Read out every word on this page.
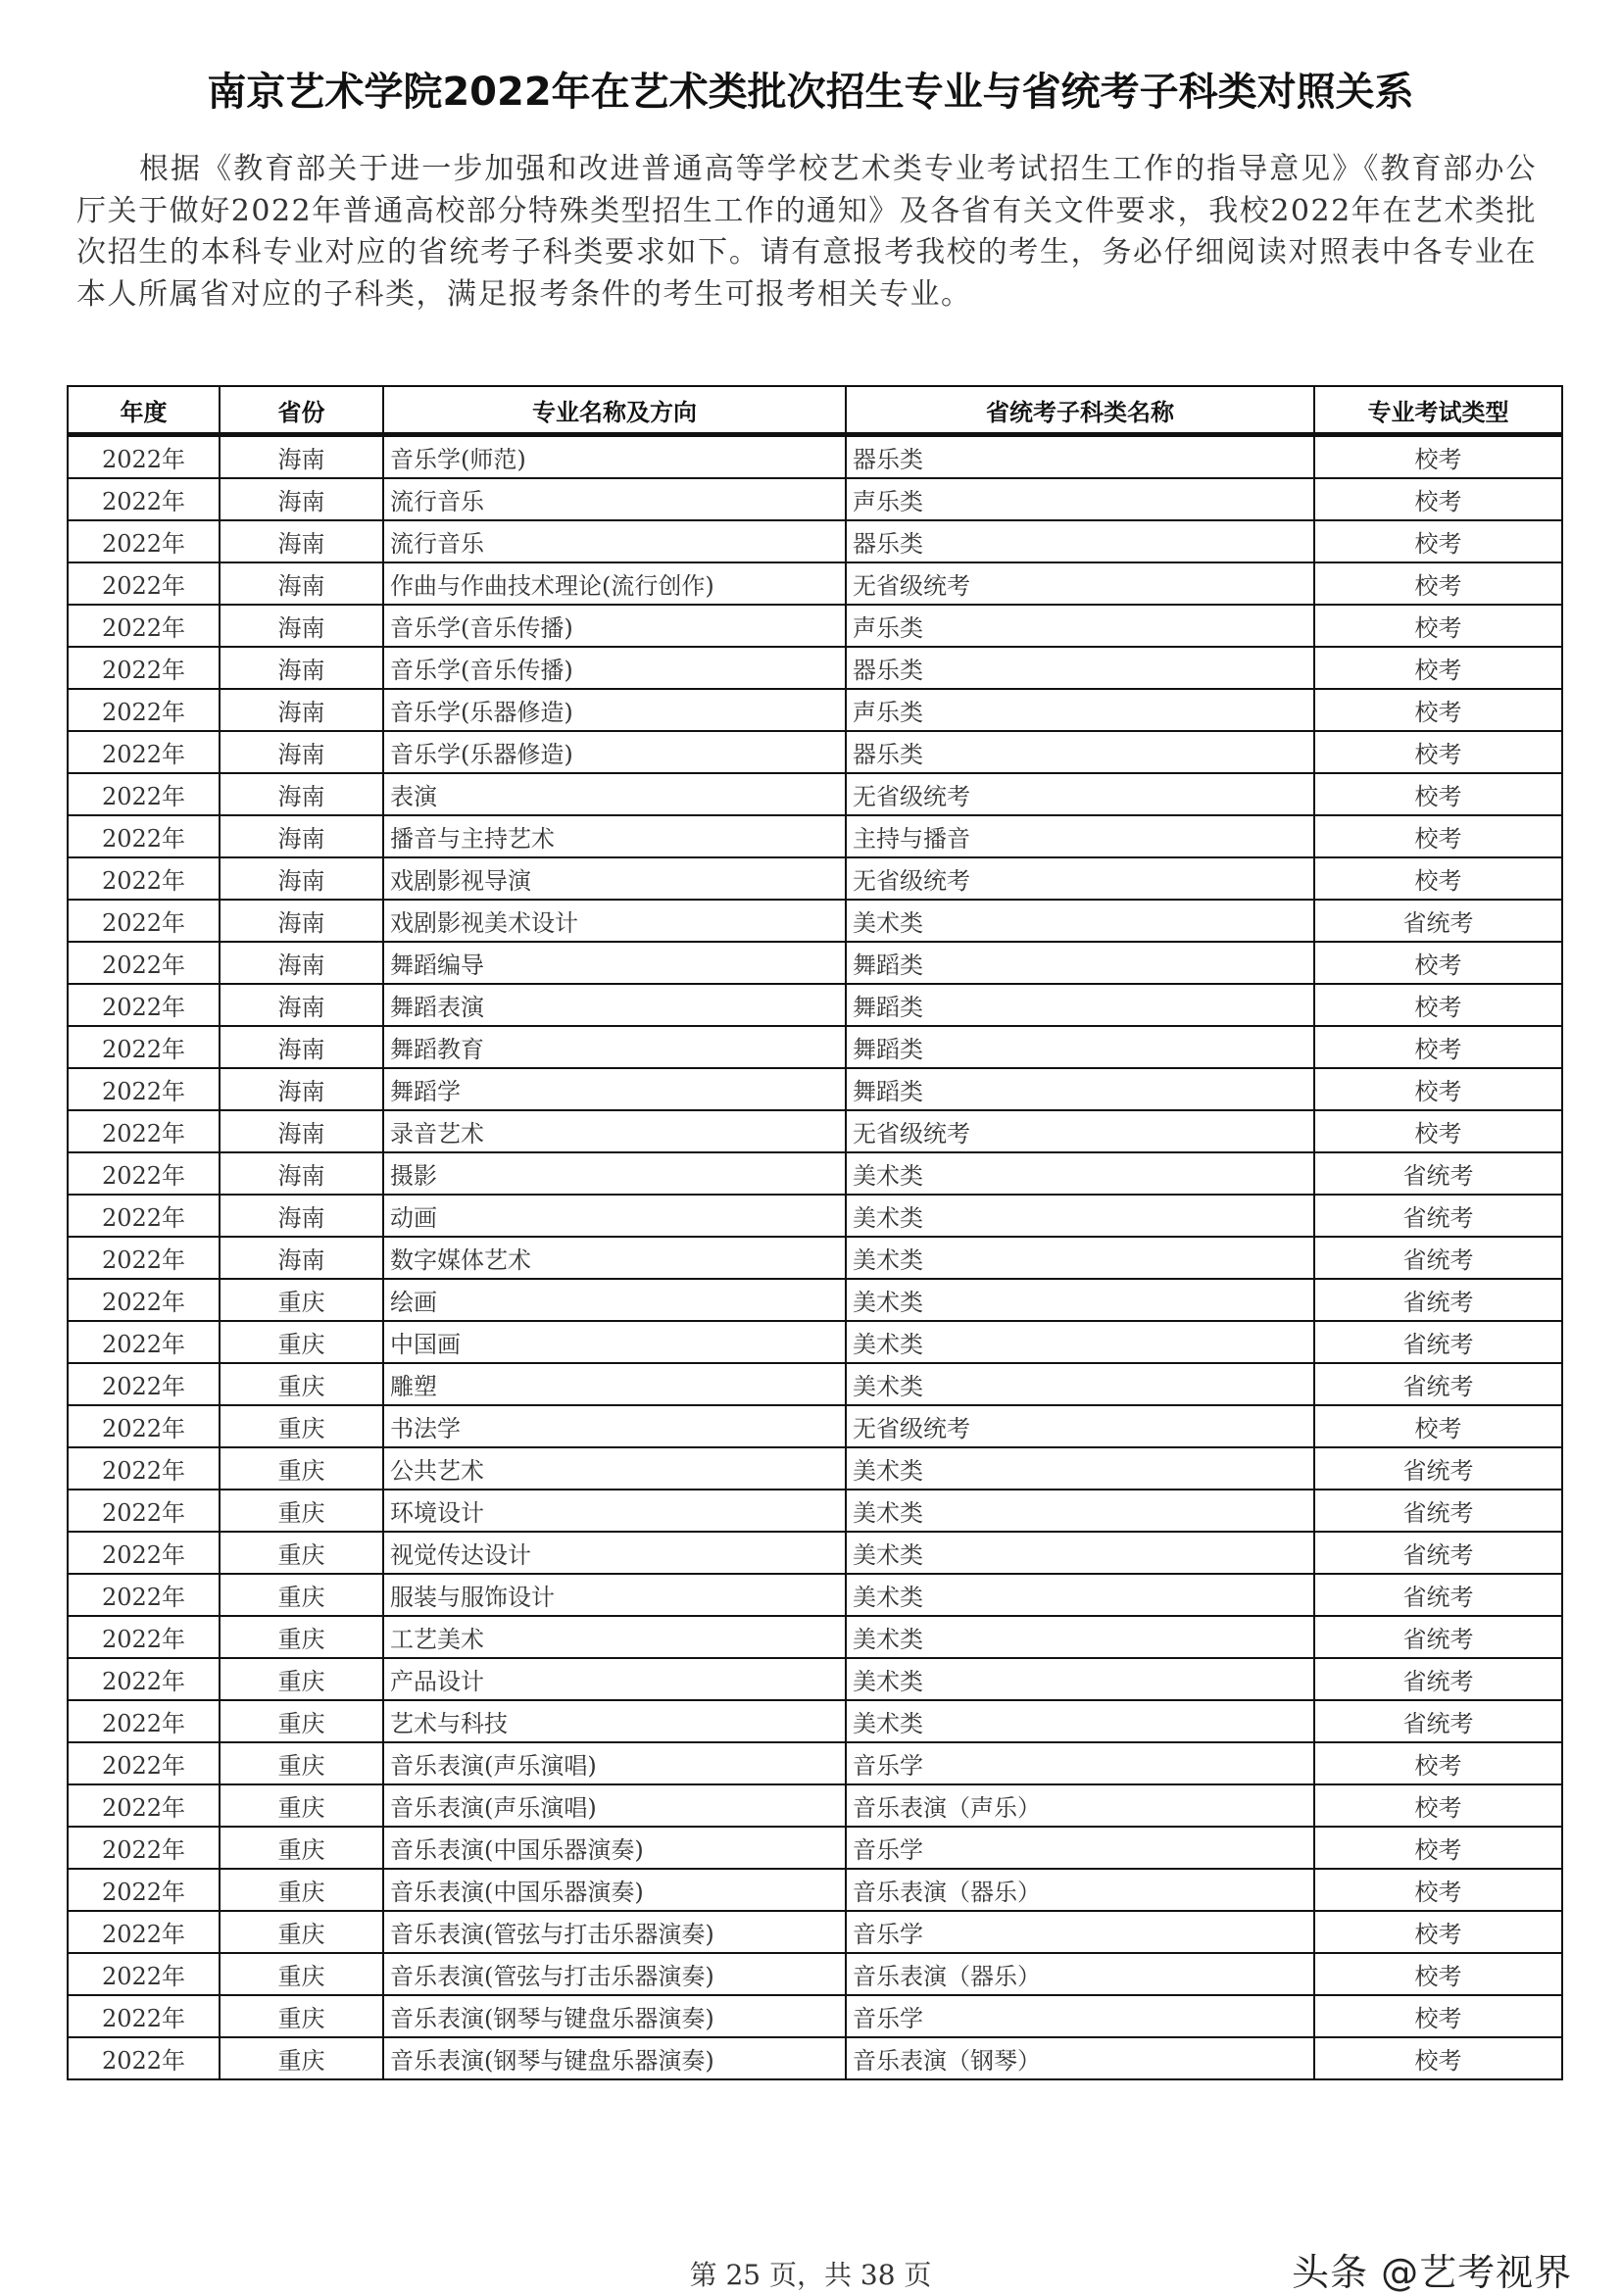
南京艺术学院2022年在艺术类批次招生专业与省统考子科类对照关系
根据《教育部关于进一步加强和改进普通高等学校艺术类专业考试招生工作的指导意见》《教育部办公厅关于做好2022年普通高校部分特殊类型招生工作的通知》及各省有关文件要求，我校2022年在艺术类批次招生的本科专业对应的省统考子科类要求如下。请有意报考我校的考生，务必仔细阅读对照表中各专业在本人所属省对应的子科类，满足报考条件的考生可报考相关专业。
年度	省份	专业名称及方向	省统考子科类名称	专业考试类型
2022年	海南	音乐学(师范)	器乐类	校考
2022年	海南	流行音乐	声乐类	校考
2022年	海南	流行音乐	器乐类	校考
2022年	海南	作曲与作曲技术理论(流行创作)	无省级统考	校考
2022年	海南	音乐学(音乐传播)	声乐类	校考
2022年	海南	音乐学(音乐传播)	器乐类	校考
2022年	海南	音乐学(乐器修造)	声乐类	校考
2022年	海南	音乐学(乐器修造)	器乐类	校考
2022年	海南	表演	无省级统考	校考
2022年	海南	播音与主持艺术	主持与播音	校考
2022年	海南	戏剧影视导演	无省级统考	校考
2022年	海南	戏剧影视美术设计	美术类	省统考
2022年	海南	舞蹈编导	舞蹈类	校考
2022年	海南	舞蹈表演	舞蹈类	校考
2022年	海南	舞蹈教育	舞蹈类	校考
2022年	海南	舞蹈学	舞蹈类	校考
2022年	海南	录音艺术	无省级统考	校考
2022年	海南	摄影	美术类	省统考
2022年	海南	动画	美术类	省统考
2022年	海南	数字媒体艺术	美术类	省统考
2022年	重庆	绘画	美术类	省统考
2022年	重庆	中国画	美术类	省统考
2022年	重庆	雕塑	美术类	省统考
2022年	重庆	书法学	无省级统考	校考
2022年	重庆	公共艺术	美术类	省统考
2022年	重庆	环境设计	美术类	省统考
2022年	重庆	视觉传达设计	美术类	省统考
2022年	重庆	服装与服饰设计	美术类	省统考
2022年	重庆	工艺美术	美术类	省统考
2022年	重庆	产品设计	美术类	省统考
2022年	重庆	艺术与科技	美术类	省统考
2022年	重庆	音乐表演(声乐演唱)	音乐学	校考
2022年	重庆	音乐表演(声乐演唱)	音乐表演（声乐）	校考
2022年	重庆	音乐表演(中国乐器演奏)	音乐学	校考
2022年	重庆	音乐表演(中国乐器演奏)	音乐表演（器乐）	校考
2022年	重庆	音乐表演(管弦与打击乐器演奏)	音乐学	校考
2022年	重庆	音乐表演(管弦与打击乐器演奏)	音乐表演（器乐）	校考
2022年	重庆	音乐表演(钢琴与键盘乐器演奏)	音乐学	校考
2022年	重庆	音乐表演(钢琴与键盘乐器演奏)	音乐表演（钢琴）	校考
第 25 页，共 38 页	头条 @艺考视界
